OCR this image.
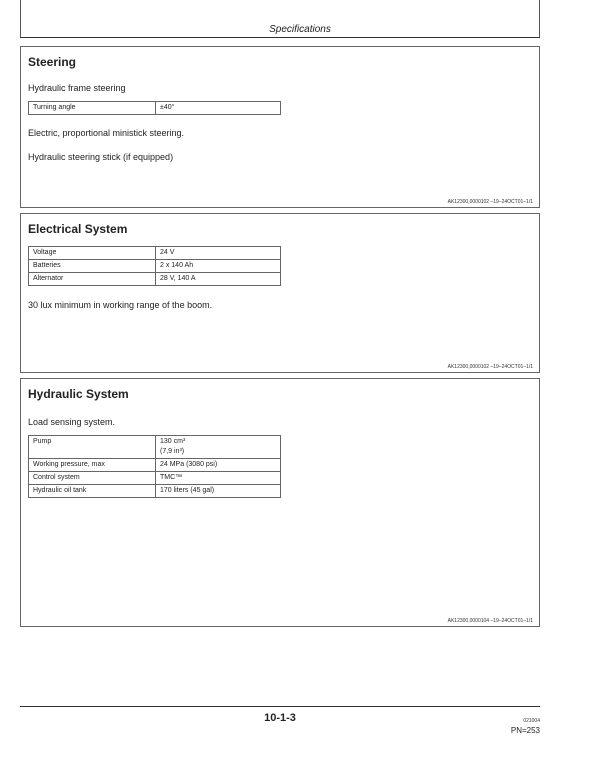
Specifications
Steering

Hydraulic frame steering

Turning angle	±40°

Electric, proportional ministick steering.

Hydraulic steering stick (if equipped)

AK12300,0000102 –19–24OCT01–1/1
Electrical System
Voltage	24 V
Batteries	2 x 140 Ah
Alternator	28 V, 140 A

30 lux minimum in working range of the boom.

AK12300,0000102 –19–24OCT01–1/1
Hydraulic System

Load sensing system.

Pump	130 cm³
(7,9 in³)
Working pressure, max	24 MPa (3080 psi)
Control system	TMC™
Hydraulic oil tank	170 liters (45 gal)
AK12300,0000104 –19–24OCT01–1/1
10-1-3	021004
PN=253
